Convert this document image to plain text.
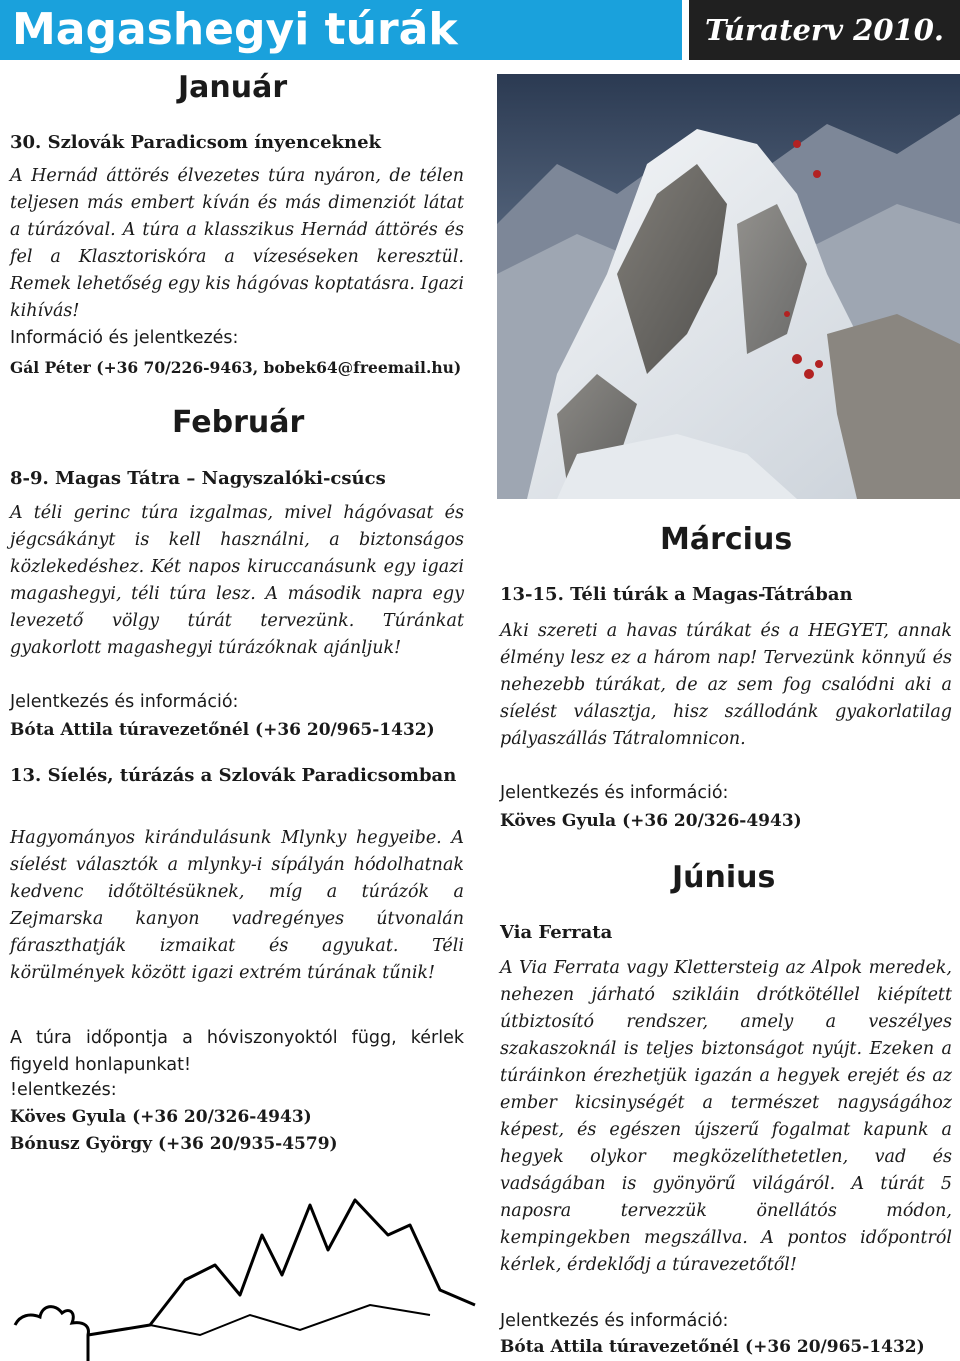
Magashegyi túrák	Túraterv 2010.
Január
30. Szlovák Paradicsom ínyenceknek

A Hernád áttörés élvezetes túra nyáron, de télen teljesen más embert kíván és más dimenziót látat a túrázóval. A túra a klasszikus Hernád áttörés és fel a Klasztoriskóra a vízeséseken keresztül. Remek lehetőség egy kis hágóvas koptatásra. Igazi kihívás!

Információ és jelentkezés:

Gál Péter (+36 70/226-9463, bobek64@freemail.hu)

Február
8-9. Magas Tátra – Nagyszalóki-csúcs

A téli gerinc túra izgalmas, mivel hágóvasat és jégcsákányt is kell használni, a biztonságos közlekedéshez. Két napos kiruccanásunk egy igazi magashegyi, téli túra lesz. A második napra egy levezető völgy túrát tervezünk. Túránkat gyakorlott magashegyi túrázóknak ajánljuk!

Jelentkezés és információ:

Bóta Attila túravezetőnél (+36 20/965-1432)

13. Síelés, túrázás a Szlovák Paradicsomban

Hagyományos kirándulásunk Mlynky hegyeibe. A síelést választók a mlynky-i sípályán hódolhatnak kedvenc időtöltésüknek, míg a túrázók a Zejmarska kanyon vadregényes útvonalán fáraszthatják izmaikat és agyukat. Téli körülmények között igazi extrém túrának tűnik!

A túra időpontja a hóviszonyoktól függ, kérlek figyeld honlapunkat!

!elentkezés:

Köves Gyula (+36 20/326-4943)

Bónusz György (+36 20/935-4579)

Március
13-15. Téli túrák a Magas-Tátrában

Aki szereti a havas túrákat és a HEGYET, annak élmény lesz ez a három nap! Tervezünk könnyű és nehezebb túrákat, de az sem fog csalódni aki a síelést választja, hisz szállodánk gyakorlatilag pályaszállás Tátralomnicon.

Jelentkezés és információ:

Köves Gyula (+36 20/326-4943)

Június
Via Ferrata

A Via Ferrata vagy Klettersteig az Alpok meredek, nehezen járható szikláin drótkötéllel kiépített útbiztosító rendszer, amely a veszélyes szakaszoknál is teljes biztonságot nyújt. Ezeken a túráinkon érezhetjük igazán a hegyek erejét és az ember kicsinységét a természet nagyságához képest, és egészen újszerű fogalmat kapunk a hegyek olykor megközelíthetetlen, vad és vadságában is gyönyörű világáról. A túrát 5 naposra tervezzük önellátós módon, kempingekben megszállva. A pontos időpontról kérlek, érdeklődj a túravezetőtől!

Jelentkezés és információ:

Bóta Attila túravezetőnél (+36 20/965-1432)
